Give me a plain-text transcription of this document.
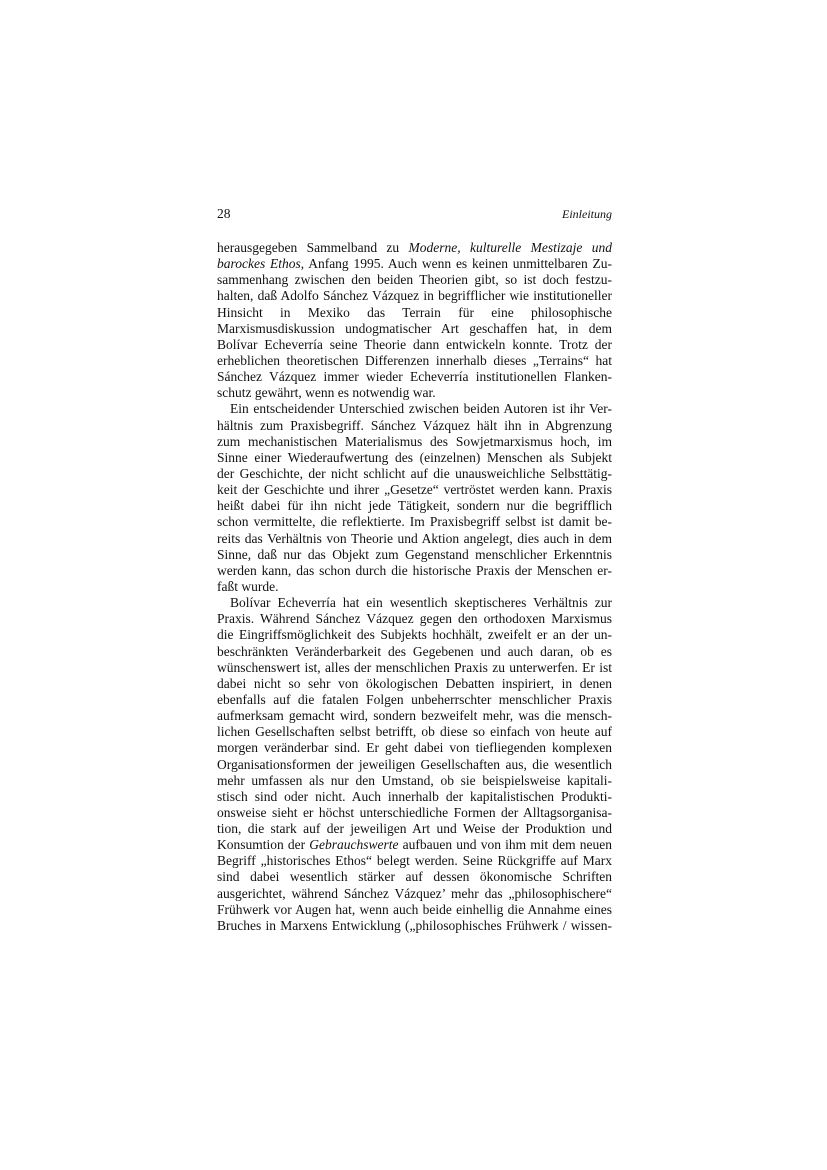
28	Einleitung
herausgegeben Sammelband zu Moderne, kulturelle Mestizaje und
barockes Ethos, Anfang 1995. Auch wenn es keinen unmittelbaren Zu-
sammenhang zwischen den beiden Theorien gibt, so ist doch festzu-
halten, daß Adolfo Sánchez Vázquez in begrifflicher wie institutioneller
Hinsicht in Mexiko das Terrain für eine philosophische
Marxismusdiskussion undogmatischer Art geschaffen hat, in dem
Bolívar Echeverría seine Theorie dann entwickeln konnte. Trotz der
erheblichen theoretischen Differenzen innerhalb dieses „Terrains“ hat
Sánchez Vázquez immer wieder Echeverría institutionellen Flanken-
schutz gewährt, wenn es notwendig war.
Ein entscheidender Unterschied zwischen beiden Autoren ist ihr Ver-
hältnis zum Praxisbegriff. Sánchez Vázquez hält ihn in Abgrenzung
zum mechanistischen Materialismus des Sowjetmarxismus hoch, im
Sinne einer Wiederaufwertung des (einzelnen) Menschen als Subjekt
der Geschichte, der nicht schlicht auf die unausweichliche Selbsttätig-
keit der Geschichte und ihrer „Gesetze“ vertröstet werden kann. Praxis
heißt dabei für ihn nicht jede Tätigkeit, sondern nur die begrifflich
schon vermittelte, die reflektierte. Im Praxisbegriff selbst ist damit be-
reits das Verhältnis von Theorie und Aktion angelegt, dies auch in dem
Sinne, daß nur das Objekt zum Gegenstand menschlicher Erkenntnis
werden kann, das schon durch die historische Praxis der Menschen er-
faßt wurde.
Bolívar Echeverría hat ein wesentlich skeptischeres Verhältnis zur
Praxis. Während Sánchez Vázquez gegen den orthodoxen Marxismus
die Eingriffsmöglichkeit des Subjekts hochhält, zweifelt er an der un-
beschränkten Veränderbarkeit des Gegebenen und auch daran, ob es
wünschenswert ist, alles der menschlichen Praxis zu unterwerfen. Er ist
dabei nicht so sehr von ökologischen Debatten inspiriert, in denen
ebenfalls auf die fatalen Folgen unbeherrschter menschlicher Praxis
aufmerksam gemacht wird, sondern bezweifelt mehr, was die mensch-
lichen Gesellschaften selbst betrifft, ob diese so einfach von heute auf
morgen veränderbar sind. Er geht dabei von tiefliegenden komplexen
Organisationsformen der jeweiligen Gesellschaften aus, die wesentlich
mehr umfassen als nur den Umstand, ob sie beispielsweise kapitali-
stisch sind oder nicht. Auch innerhalb der kapitalistischen Produkti-
onsweise sieht er höchst unterschiedliche Formen der Alltagsorganisa-
tion, die stark auf der jeweiligen Art und Weise der Produktion und
Konsumtion der Gebrauchswerte aufbauen und von ihm mit dem neuen
Begriff „historisches Ethos“ belegt werden. Seine Rückgriffe auf Marx
sind dabei wesentlich stärker auf dessen ökonomische Schriften
ausgerichtet, während Sánchez Vázquez’ mehr das „philosophischere“
Frühwerk vor Augen hat, wenn auch beide einhellig die Annahme eines
Bruches in Marxens Entwicklung („philosophisches Frühwerk / wissen-
